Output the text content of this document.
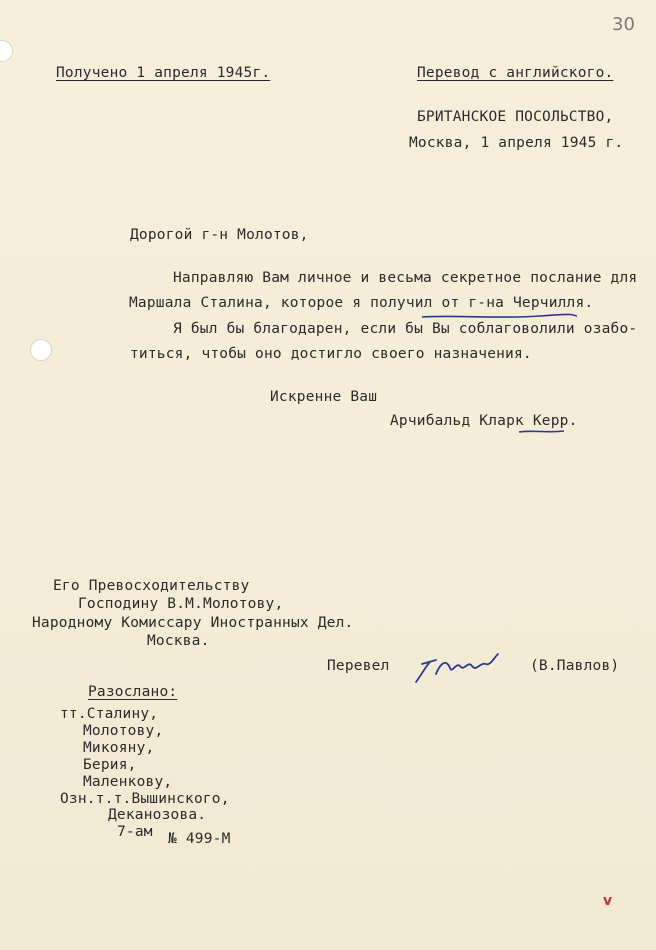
30
Получено 1 апреля 1945г.	Перевод с английского.
БРИТАНСКОЕ ПОСОЛЬСТВО,
Москва, 1 апреля 1945 г.
Дорогой г-н Молотов,
Направляю Вам личное и весьма секретное послание для
Маршала Сталина, которое я получил от г-на Черчилля.
Я был бы благодарен, если бы Вы соблаговолили озабо-
титься, чтобы оно достигло своего назначения.
Искренне Ваш
Арчибальд Кларк Керр.
Его Превосходительству
Господину В.М.Молотову,
Народному Комиссару Иностранных Дел.
Москва.
Перевел	(В.Павлов)
Разослано:
тт.Сталину,
Молотову,
Микояну,
Берия,
Маленкову,
Озн.т.т.Вышинского,
Деканозова.
7-ам № 499-М
v
